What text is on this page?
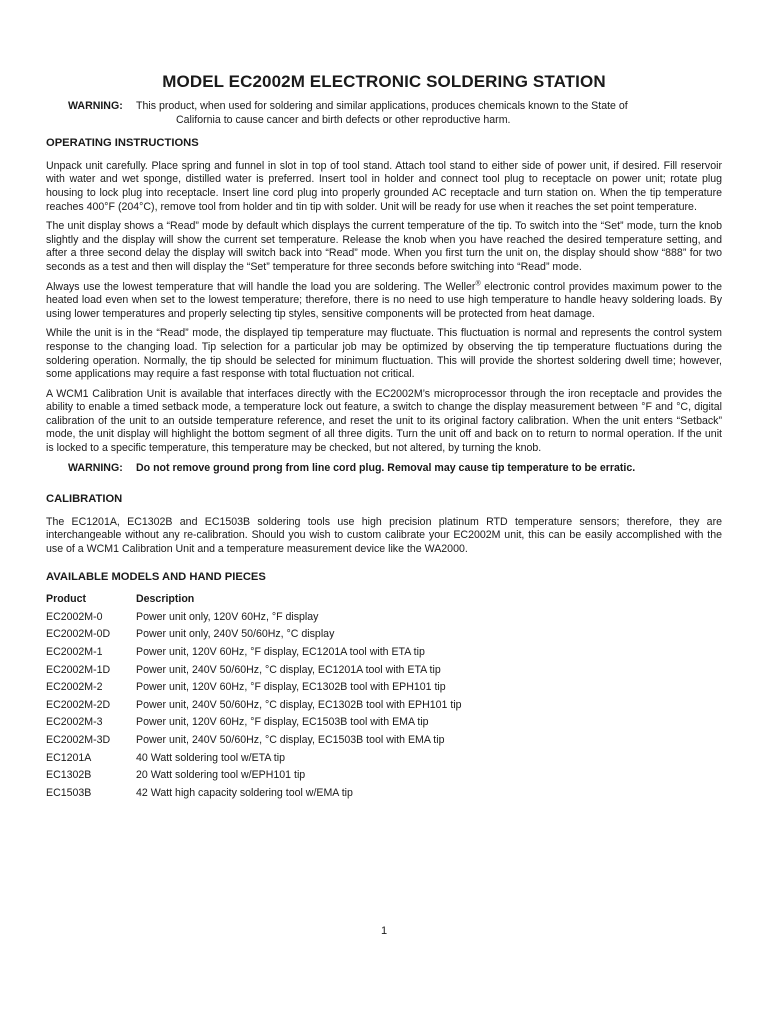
MODEL EC2002M ELECTRONIC SOLDERING STATION
WARNING:	This product, when used for soldering and similar applications, produces chemicals known to the State of
California to cause cancer and birth defects or other reproductive harm.
OPERATING INSTRUCTIONS

Unpack unit carefully. Place spring and funnel in slot in top of tool stand. Attach tool stand to either side of power unit, if desired. Fill reservoir with water and wet sponge, distilled water is preferred. Insert tool in holder and connect tool plug to receptacle on power unit; rotate plug housing to lock plug into receptacle. Insert line cord plug into properly grounded AC receptacle and turn station on. When the tip temperature reaches 400°F (204°C), remove tool from holder and tin tip with solder. Unit will be ready for use when it reaches the set point temperature.

The unit display shows a “Read” mode by default which displays the current temperature of the tip. To switch into the “Set” mode, turn the knob slightly and the display will show the current set temperature. Release the knob when you have reached the desired temperature setting, and after a three second delay the display will switch back into “Read” mode. When you first turn the unit on, the display should show “888” for two seconds as a test and then will display the “Set” temperature for three seconds before switching into “Read” mode.

Always use the lowest temperature that will handle the load you are soldering. The Weller® electronic control provides maximum power to the heated load even when set to the lowest temperature; therefore, there is no need to use high temperature to handle heavy soldering loads. By using lower temperatures and properly selecting tip styles, sensitive components will be protected from heat damage.

While the unit is in the “Read” mode, the displayed tip temperature may fluctuate. This fluctuation is normal and represents the control system response to the changing load. Tip selection for a particular job may be optimized by observing the tip temperature fluctuations during the soldering operation. Normally, the tip should be selected for minimum fluctuation. This will provide the shortest soldering dwell time; however, some applications may require a fast response with total fluctuation not critical.

A WCM1 Calibration Unit is available that interfaces directly with the EC2002M’s microprocessor through the iron receptacle and provides the ability to enable a timed setback mode, a temperature lock out feature, a switch to change the display measurement between °F and °C, digital calibration of the unit to an outside temperature reference, and reset the unit to its original factory calibration. When the unit enters “Setback” mode, the unit display will highlight the bottom segment of all three digits. Turn the unit off and back on to return to normal operation. If the unit is locked to a specific temperature, this temperature may be checked, but not altered, by turning the knob.

WARNING: Do not remove ground prong from line cord plug. Removal may cause tip temperature to be erratic.
CALIBRATION

The EC1201A, EC1302B and EC1503B soldering tools use high precision platinum RTD temperature sensors; therefore, they are interchangeable without any re-calibration. Should you wish to custom calibrate your EC2002M unit, this can be easily accomplished with the use of a WCM1 Calibration Unit and a temperature measurement device like the WA2000.

AVAILABLE MODELS AND HAND PIECES
Product	Description
EC2002M-0	Power unit only, 120V 60Hz, °F display
EC2002M-0D	Power unit only, 240V 50/60Hz, °C display
EC2002M-1	Power unit, 120V 60Hz, °F display, EC1201A tool with ETA tip
EC2002M-1D	Power unit, 240V 50/60Hz, °C display, EC1201A tool with ETA tip
EC2002M-2	Power unit, 120V 60Hz, °F display, EC1302B tool with EPH101 tip
EC2002M-2D	Power unit, 240V 50/60Hz, °C display, EC1302B tool with EPH101 tip
EC2002M-3	Power unit, 120V 60Hz, °F display, EC1503B tool with EMA tip
EC2002M-3D	Power unit, 240V 50/60Hz, °C display, EC1503B tool with EMA tip
EC1201A	40 Watt soldering tool w/ETA tip
EC1302B	20 Watt soldering tool w/EPH101 tip
EC1503B	42 Watt high capacity soldering tool w/EMA tip
1
